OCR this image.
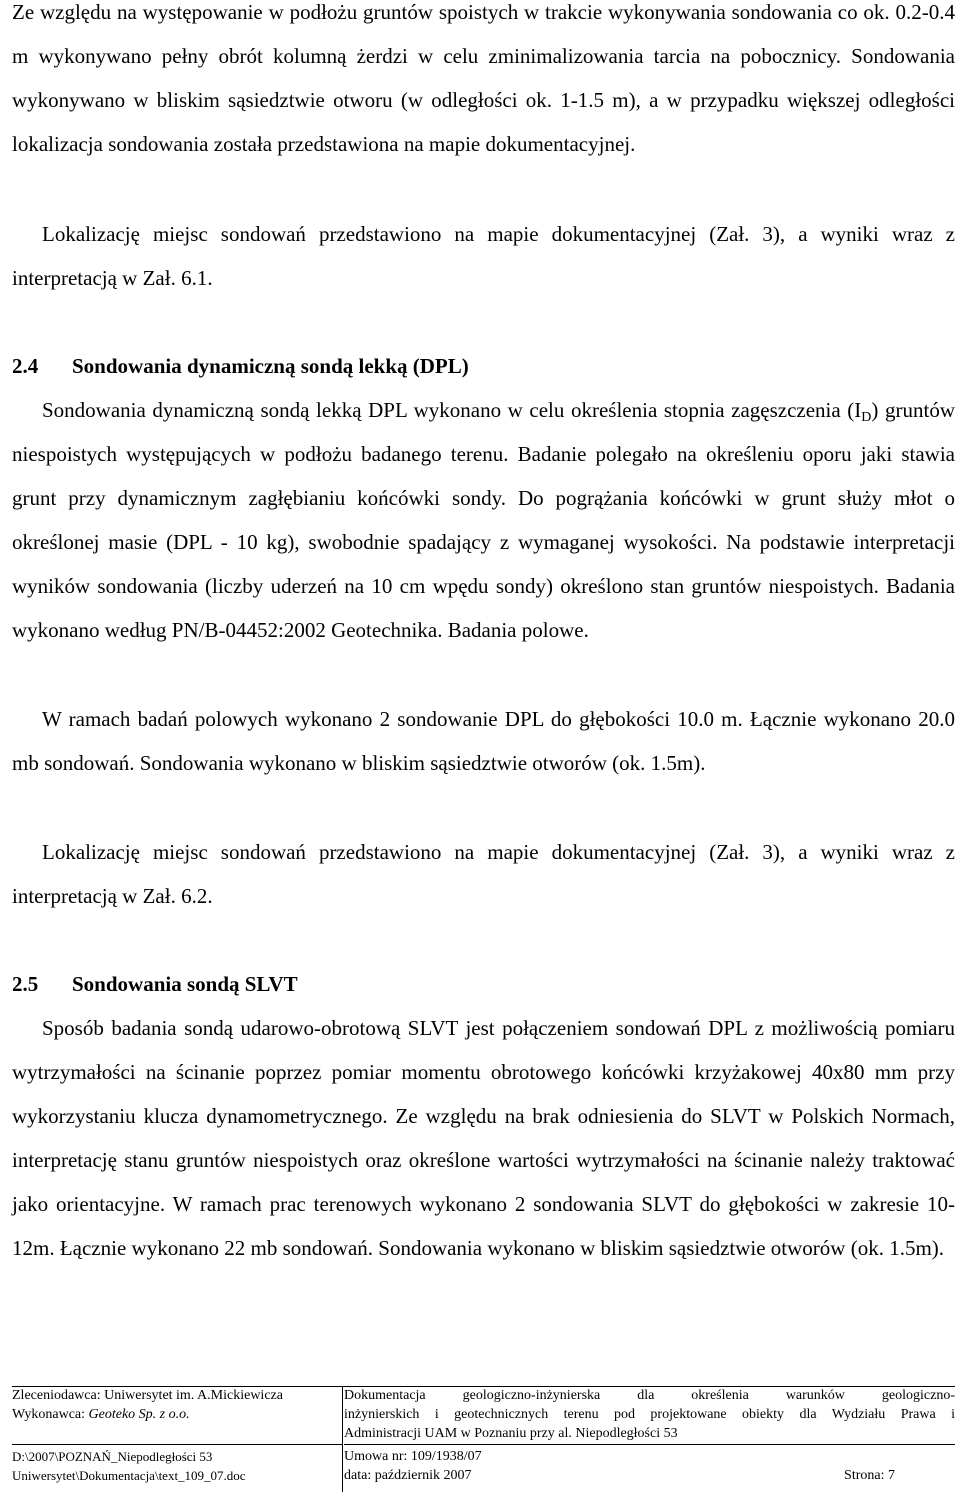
Ze względu na występowanie w podłożu gruntów spoistych w trakcie wykonywania sondowania co ok. 0.2-0.4 m wykonywano pełny obrót kolumną żerdzi w celu zminimalizowania tarcia na pobocznicy. Sondowania wykonywano w bliskim sąsiedztwie otworu (w odległości ok. 1-1.5 m), a w przypadku większej odległości lokalizacja sondowania została przedstawiona na mapie dokumentacyjnej.

Lokalizację miejsc sondowań przedstawiono na mapie dokumentacyjnej (Zał. 3), a wyniki wraz z interpretacją w Zał. 6.1.

2.4 Sondowania dynamiczną sondą lekką (DPL)

Sondowania dynamiczną sondą lekką DPL wykonano w celu określenia stopnia zagęszczenia $(I_D)$ gruntów niespoistych występujących w podłożu badanego terenu. Badanie polegało na określeniu oporu jaki stawia grunt przy dynamicznym zagłębianiu końcówki sondy. Do pogrążania końcówki w grunt służy młot o określonej masie (DPL - 10 kg), swobodnie spadający z wymaganej wysokości. Na podstawie interpretacji wyników sondowania (liczby uderzeń na 10 cm wpędu sondy) określono stan gruntów niespoistych. Badania wykonano według PN/B-04452:2002 Geotechnika. Badania polowe.

W ramach badań polowych wykonano 2 sondowanie DPL do głębokości 10.0 m. Łącznie wykonano 20.0 mb sondowań. Sondowania wykonano w bliskim sąsiedztwie otworów (ok. 1.5m).

Lokalizację miejsc sondowań przedstawiono na mapie dokumentacyjnej (Zał. 3), a wyniki wraz z interpretacją w Zał. 6.2.

2.5 Sondowania sondą SLVT

Sposób badania sondą udarowo-obrotową SLVT jest połączeniem sondowań DPL z możliwością pomiaru wytrzymałości na ścinanie poprzez pomiar momentu obrotowego końcówki krzyżakowej 40x80 mm przy wykorzystaniu klucza dynamometrycznego. Ze względu na brak odniesienia do SLVT w Polskich Normach, interpretację stanu gruntów niespoistych oraz określone wartości wytrzymałości na ścinanie należy traktować jako orientacyjne. W ramach prac terenowych wykonano 2 sondowania SLVT do głębokości w zakresie 10-12m. Łącznie wykonano 22 mb sondowań. Sondowania wykonano w bliskim sąsiedztwie otworów (ok. 1.5m).

Zleceniodawca: Uniwersytet im. A.Mickiewicza
Wykonawca: Geoteko Sp. z o.o.
D:\2007\POZNAŃ_Niepodległości 53
Uniwersytet\Dokumentacja\text_109_07.doc
Dokumentacja geologiczno-inżynierska dla określenia warunków geologiczno-
inżynierskich i geotechnicznych terenu pod projektowane obiekty dla Wydziału Prawa i
Administracji UAM w Poznaniu przy al. Niepodległości 53
Umowa nr: 109/1938/07
data: październik 2007	Strona: 7
